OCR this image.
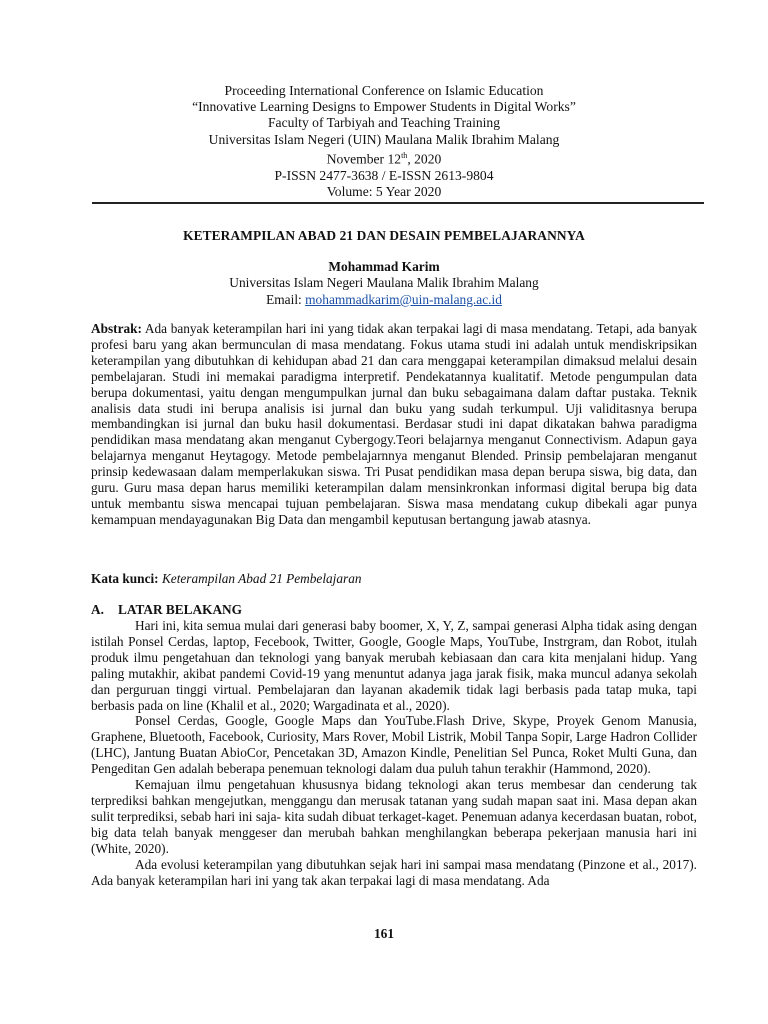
Proceeding International Conference on Islamic Education
“Innovative Learning Designs to Empower Students in Digital Works”
Faculty of Tarbiyah and Teaching Training
Universitas Islam Negeri (UIN) Maulana Malik Ibrahim Malang
November 12th, 2020
P-ISSN 2477-3638 / E-ISSN 2613-9804
Volume: 5 Year 2020
KETERAMPILAN ABAD 21 DAN DESAIN PEMBELAJARANNYA
Mohammad Karim
Universitas Islam Negeri Maulana Malik Ibrahim Malang
Email: mohammadkarim@uin-malang.ac.id
Abstrak: Ada banyak keterampilan hari ini yang tidak akan terpakai lagi di masa mendatang. Tetapi, ada banyak profesi baru yang akan bermunculan di masa mendatang. Fokus utama studi ini adalah untuk mendiskripsikan keterampilan yang dibutuhkan di kehidupan abad 21 dan cara menggapai keterampilan dimaksud melalui desain pembelajaran. Studi ini memakai paradigma interpretif. Pendekatannya kualitatif. Metode pengumpulan data berupa dokumentasi, yaitu dengan mengumpulkan jurnal dan buku sebagaimana dalam daftar pustaka. Teknik analisis data studi ini berupa analisis isi jurnal dan buku yang sudah terkumpul. Uji validitasnya berupa membandingkan isi jurnal dan buku hasil dokumentasi. Berdasar studi ini dapat dikatakan bahwa paradigma pendidikan masa mendatang akan menganut Cybergogy.Teori belajarnya menganut Connectivism. Adapun gaya belajarnya menganut Heytagogy. Metode pembelajarnnya menganut Blended. Prinsip pembelajaran menganut prinsip kedewasaan dalam memperlakukan siswa. Tri Pusat pendidikan masa depan berupa siswa, big data, dan guru. Guru masa depan harus memiliki keterampilan dalam mensinkronkan informasi digital berupa big data untuk membantu siswa mencapai tujuan pembelajaran. Siswa masa mendatang cukup dibekali agar punya kemampuan mendayagunakan Big Data dan mengambil keputusan bertangung jawab atasnya.
Kata kunci: Keterampilan Abad 21 Pembelajaran
A. LATAR BELAKANG

Hari ini, kita semua mulai dari generasi baby boomer, X, Y, Z, sampai generasi Alpha tidak asing dengan istilah Ponsel Cerdas, laptop, Fecebook, Twitter, Google, Google Maps, YouTube, Instrgram, dan Robot, itulah produk ilmu pengetahuan dan teknologi yang banyak merubah kebiasaan dan cara kita menjalani hidup. Yang paling mutakhir, akibat pandemi Covid-19 yang menuntut adanya jaga jarak fisik, maka muncul adanya sekolah dan perguruan tinggi virtual. Pembelajaran dan layanan akademik tidak lagi berbasis pada tatap muka, tapi berbasis pada on line (Khalil et al., 2020; Wargadinata et al., 2020).

Ponsel Cerdas, Google, Google Maps dan YouTube.Flash Drive, Skype, Proyek Genom Manusia, Graphene, Bluetooth, Facebook, Curiosity, Mars Rover, Mobil Listrik, Mobil Tanpa Sopir, Large Hadron Collider (LHC), Jantung Buatan AbioCor, Pencetakan 3D, Amazon Kindle, Penelitian Sel Punca, Roket Multi Guna, dan Pengeditan Gen adalah beberapa penemuan teknologi dalam dua puluh tahun terakhir (Hammond, 2020).

Kemajuan ilmu pengetahuan khususnya bidang teknologi akan terus membesar dan cenderung tak terprediksi bahkan mengejutkan, menggangu dan merusak tatanan yang sudah mapan saat ini. Masa depan akan sulit terprediksi, sebab hari ini saja- kita sudah dibuat terkaget-kaget. Penemuan adanya kecerdasan buatan, robot, big data telah banyak menggeser dan merubah bahkan menghilangkan beberapa pekerjaan manusia hari ini (White, 2020).

Ada evolusi keterampilan yang dibutuhkan sejak hari ini sampai masa mendatang (Pinzone et al., 2017). Ada banyak keterampilan hari ini yang tak akan terpakai lagi di masa mendatang. Ada

161
